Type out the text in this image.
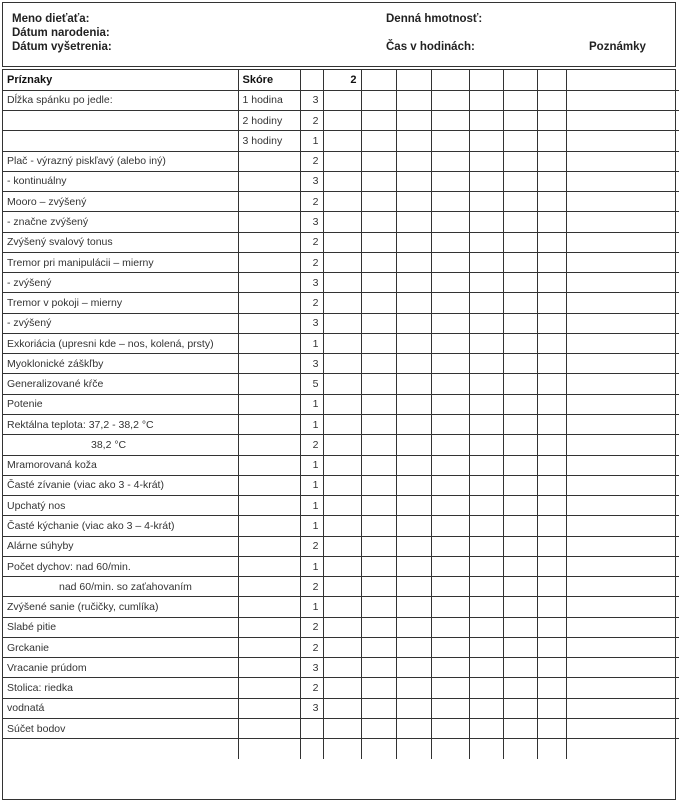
Meno dieťaťa:
Dátum narodenia:
Dátum vyšetrenia:
Denná hmotnosť:
Čas v hodinách:	Poznámky
Príznaky	Skóre		2							
Dĺžka spánku po jedle:	1 hodina	3								
	2 hodiny	2								
	3 hodiny	1								
Plač - výrazný piskľavý (alebo iný)		2								
- kontinuálny		3								
Mooro – zvýšený		2								
- značne zvýšený		3								
Zvýšený svalový tonus		2								
Tremor pri manipulácii – mierny		2								
- zvýšený		3								
Tremor v pokoji – mierny		2								
- zvýšený		3								
Exkoriácia (upresni kde – nos, kolená, prsty)		1								
Myoklonické záškľby		3								
Generalizované kŕče		5								
Potenie		1								
Rektálna teplota: 37,2 - 38,2 °C		1								
38,2 °C		2								
Mramorovaná koža		1								
Časté zívanie (viac ako 3 - 4-krát)		1								
Upchatý nos		1								
Časté kýchanie (viac ako 3 – 4-krát)		1								
Alárne súhyby		2								
Počet dychov: nad 60/min.		1								
nad 60/min. so zaťahovaním		2								
Zvýšené sanie (ručičky, cumlíka)		1								
Slabé pitie		2								
Grckanie		2								
Vracanie prúdom		3								
Stolica: riedka		2								
vodnatá		3								
Súčet bodov										
